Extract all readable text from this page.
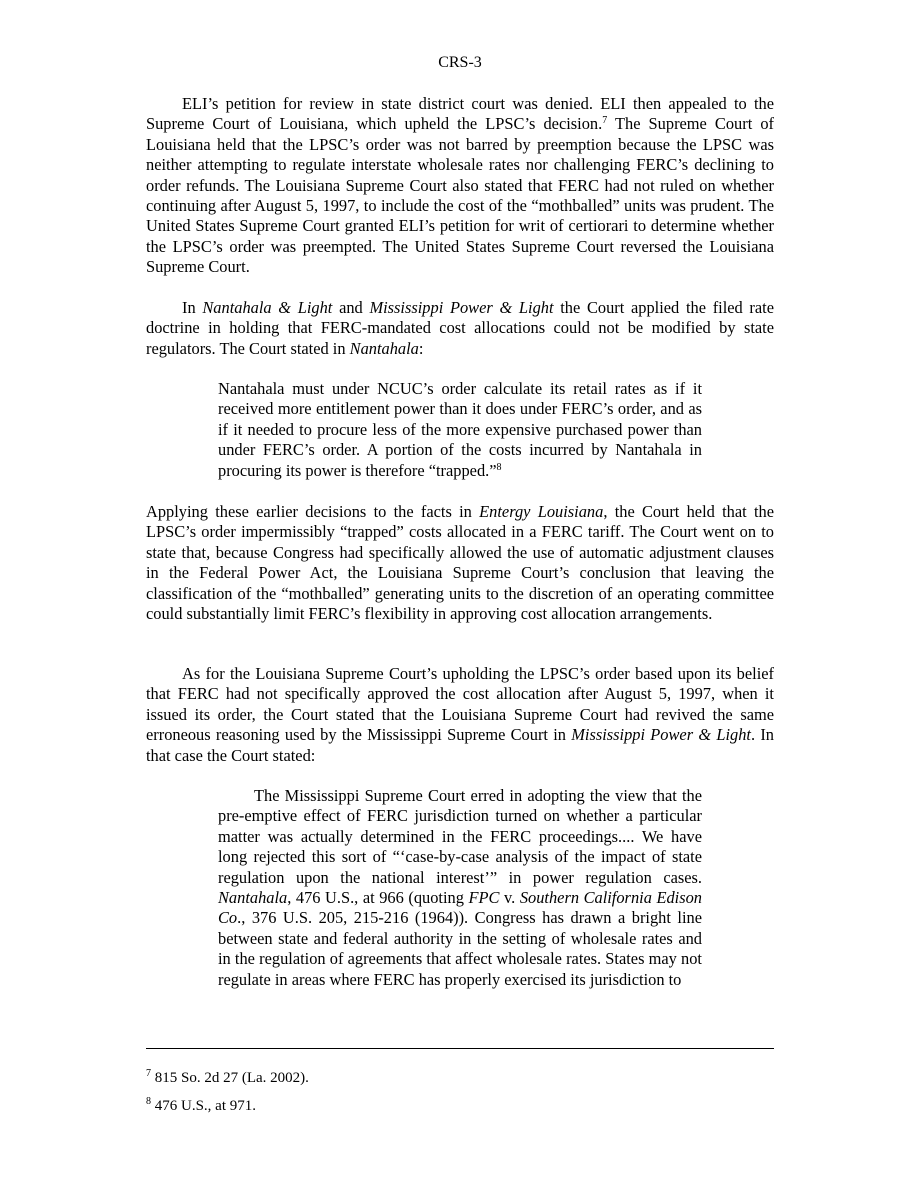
CRS-3

ELI’s petition for review in state district court was denied. ELI then appealed to the Supreme Court of Louisiana, which upheld the LPSC’s decision.$^7$ The Supreme Court of Louisiana held that the LPSC’s order was not barred by preemption because the LPSC was neither attempting to regulate interstate wholesale rates nor challenging FERC’s declining to order refunds. The Louisiana Supreme Court also stated that FERC had not ruled on whether continuing after August 5, 1997, to include the cost of the “mothballed” units was prudent. The United States Supreme Court granted ELI’s petition for writ of certiorari to determine whether the LPSC’s order was preempted. The United States Supreme Court reversed the Louisiana Supreme Court.

In Nantahala & Light and Mississippi Power & Light the Court applied the filed rate doctrine in holding that FERC-mandated cost allocations could not be modified by state regulators. The Court stated in Nantahala:

Nantahala must under NCUC’s order calculate its retail rates as if it received more entitlement power than it does under FERC’s order, and as if it needed to procure less of the more expensive purchased power than under FERC’s order. A portion of the costs incurred by Nantahala in procuring its power is therefore “trapped.”$^8$

Applying these earlier decisions to the facts in Entergy Louisiana, the Court held that the LPSC’s order impermissibly “trapped” costs allocated in a FERC tariff. The Court went on to state that, because Congress had specifically allowed the use of automatic adjustment clauses in the Federal Power Act, the Louisiana Supreme Court’s conclusion that leaving the classification of the “mothballed” generating units to the discretion of an operating committee could substantially limit FERC’s flexibility in approving cost allocation arrangements.

As for the Louisiana Supreme Court’s upholding the LPSC’s order based upon its belief that FERC had not specifically approved the cost allocation after August 5, 1997, when it issued its order, the Court stated that the Louisiana Supreme Court had revived the same erroneous reasoning used by the Mississippi Supreme Court in Mississippi Power & Light. In that case the Court stated:

The Mississippi Supreme Court erred in adopting the view that the pre-emptive effect of FERC jurisdiction turned on whether a particular matter was actually determined in the FERC proceedings.... We have long rejected this sort of “‘case-by-case analysis of the impact of state regulation upon the national interest’” in power regulation cases. Nantahala, 476 U.S., at 966 (quoting FPC v. Southern California Edison Co., 376 U.S. 205, 215-216 (1964)). Congress has drawn a bright line between state and federal authority in the setting of wholesale rates and in the regulation of agreements that affect wholesale rates. States may not regulate in areas where FERC has properly exercised its jurisdiction to

$^7$ 815 So. 2d 27 (La. 2002).

$^8$ 476 U.S., at 971.
